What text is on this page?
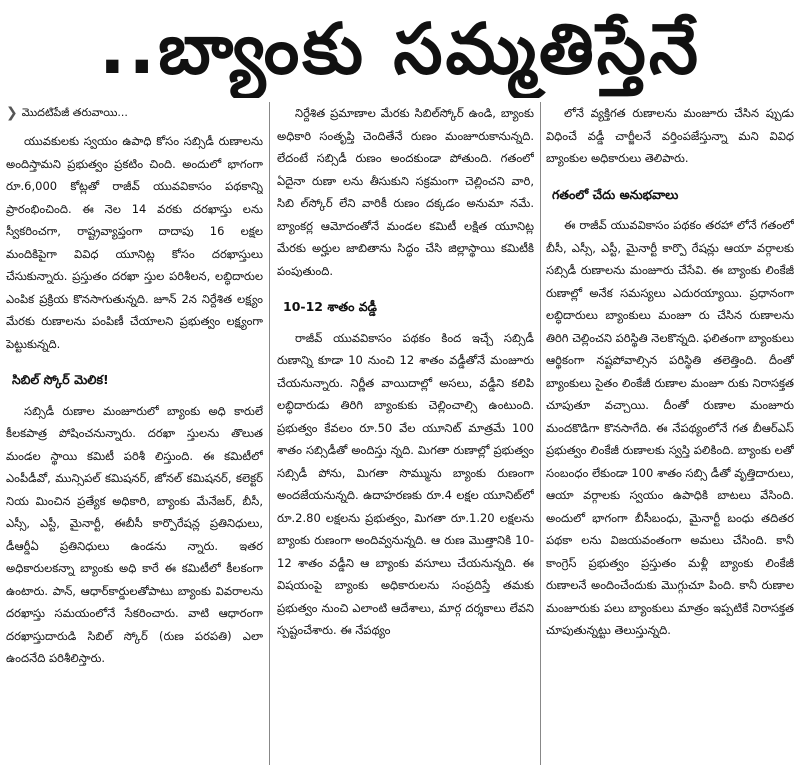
..బ్యాంకు సమ్మతిస్తేనే
❯ మొదటిపేజీ తరువాయి...

యువకులకు స్వయం ఉపాధి కోసం సబ్సిడీ రుణాలను అందిస్తామని ప్రభుత్వం ప్రకటిం చింది. అందులో భాగంగా రూ.6,000 కోట్లతో రాజీవ్ యువవికాసం పథకాన్ని ప్రారంభించింది. ఈ నెల 14 వరకు దరఖాస్తు లను స్వీకరించగా, రాష్ట్రవ్యాప్తంగా దాదాపు 16 లక్షల మందికిపైగా వివిధ యూనిట్ల కోసం దరఖాస్తులు చేసుకున్నారు. ప్రస్తుతం దరఖా స్తుల పరిశీలన, లబ్ధిదారుల ఎంపిక ప్రక్రియ కొనసాగుతున్నది. జూన్ 2న నిర్దేశిత లక్ష్యం మేరకు రుణాలను పంపిణీ చేయాలని ప్రభుత్వం లక్ష్యంగా పెట్టుకున్నది.

సిబిల్ స్కోర్ మెలిక!

సబ్సిడీ రుణాల మంజూరులో బ్యాంకు అధి కారులే కీలకపాత్ర పోషించనున్నారు. దరఖా స్తులను తొలుత మండల స్థాయి కమిటీ పరిశీ లిస్తుంది. ఈ కమిటీలో ఎంపీడీవో, మున్సిపల్ కమిషనర్, జోనల్ కమిషనర్, కలెక్టర్ నియ మించిన ప్రత్యేక అధికారి, బ్యాంకు మేనేజర్, బీసీ, ఎస్సీ, ఎస్టీ, మైనార్టీ, ఈబీసీ కార్పొరేషన్ల ప్రతినిధులు, డీఆర్డీఏ ప్రతినిధులు ఉండను న్నారు. ఇతర అధికారులకన్నా బ్యాంకు అధి కారే ఈ కమిటీలో కీలకంగా ఉంటారు. పాన్, ఆధార్‌కార్డులతోపాటు బ్యాంకు వివరాలను దరఖాస్తు సమయంలోనే సేకరించారు. వాటి ఆధారంగా దరఖాస్తుదారుడి సిబిల్ స్కోర్ (రుణ పరపతి) ఎలా ఉందనేది పరిశీలిస్తారు.

నిర్దేశిత ప్రమాణాల మేరకు సిబిల్‌స్కోర్ ఉండి, బ్యాంకు అధికారి సంతృప్తి చెందితేనే రుణం మంజూరుకానున్నది. లేదంటే సబ్సిడీ రుణం అందకుండా పోతుంది. గతంలో ఏదైనా రుణా లను తీసుకుని సక్రమంగా చెల్లించని వారి, సిబి ల్‌స్కోర్ లేని వారికీ రుణం దక్కడం అనుమా నమే. బ్యాంకర్ల ఆమోదంతోనే మండల కమిటీ లక్షిత యూనిట్ల మేరకు అర్హుల జాబితాను సిద్ధం చేసి జిల్లాస్థాయి కమిటీకి పంపుతుంది.

10-12 శాతం వడ్డీ

రాజీవ్ యువవికాసం పథకం కింద ఇచ్చే సబ్సిడీ రుణాన్ని కూడా 10 నుంచి 12 శాతం వడ్డీతోనే మంజూరు చేయనున్నారు. నిర్ణీత వాయిదాల్లో అసలు, వడ్డీని కలిపి లబ్ధిదారుడు తిరిగి బ్యాంకుకు చెల్లించాల్సి ఉంటుంది. ప్రభుత్వం కేవలం రూ.50 వేల యూనిట్ మాత్రమే 100 శాతం సబ్సిడీతో అందిస్తు న్నది. మిగతా రుణాల్లో ప్రభుత్వం సబ్సిడీ పోను, మిగతా సొమ్మును బ్యాంకు రుణంగా అందజేయనున్నది. ఉదాహరణకు రూ.4 లక్షల యూనిట్‌లో రూ.2.80 లక్షలను ప్రభుత్వం, మిగతా రూ.1.20 లక్షలను బ్యాంకు రుణంగా అందివ్వనున్నది. ఆ రుణ మొత్తానికి 10-12 శాతం వడ్డీని ఆ బ్యాంకు వసూలు చేయనున్నది. ఈ విషయంపై బ్యాంకు అధికారులను సంప్రదిస్తే తమకు ప్రభుత్వం నుంచి ఎలాంటి ఆదేశాలు, మార్గ దర్శకాలు లేవని స్పష్టంచేశారు. ఈ నేపథ్యం

లోనే వ్యక్తిగత రుణాలను మంజూరు చేసిన ప్పుడు విధించే వడ్డీ చార్జీలనే వర్తింపజేస్తున్నా మని వివిధ బ్యాంకుల అధికారులు తెలిపారు.

గతంలో చేదు అనుభవాలు

ఈ రాజీవ్ యువవికాసం పథకం తరహా లోనే గతంలో బీసీ, ఎస్సీ, ఎస్టీ, మైనార్టీ కార్పొ రేషన్లు ఆయా వర్గాలకు సబ్సిడీ రుణాలను మంజూరు చేసేవి. ఈ బ్యాంకు లింకేజీ రుణాల్లో అనేక సమస్యలు ఎదురయ్యాయి. ప్రధానంగా లబ్ధిదారులు బ్యాంకులు మంజూ రు చేసిన రుణాలను తిరిగి చెల్లించని పరిస్థితి నెలకొన్నది. ఫలితంగా బ్యాంకులు ఆర్థికంగా నష్టపోవాల్సిన పరిస్థితి తలెత్తింది. దీంతో బ్యాంకులు సైతం లింకేజీ రుణాల మంజూ రుకు నిరాసక్తత చూపుతూ వచ్చాయి. దీంతో రుణాల మంజూరు మందకొడిగా కొనసాగేది. ఈ నేపథ్యంలోనే గత బీఆర్‌ఎస్ ప్రభుత్వం లింకేజీ రుణాలకు స్వస్తి పలికింది. బ్యాంకు లతో సంబంధం లేకుండా 100 శాతం సబ్సి డీతో వృత్తిదారులు, ఆయా వర్గాలకు స్వయం ఉపాధికి బాటలు వేసింది. అందులో భాగంగా బీసీబంధు, మైనార్టీ బంధు తదితర పథకా లను విజయవంతంగా అమలు చేసింది. కానీ కాంగ్రెస్ ప్రభుత్వం ప్రస్తుతం మళ్లీ బ్యాంకు లింకేజీ రుణాలనే అందించేందుకు మొగ్గుచూ పింది. కానీ రుణాల మంజూరుకు పలు బ్యాంకులు మాత్రం ఇప్పటికే నిరాసక్తత చూపుతున్నట్టు తెలుస్తున్నది.
